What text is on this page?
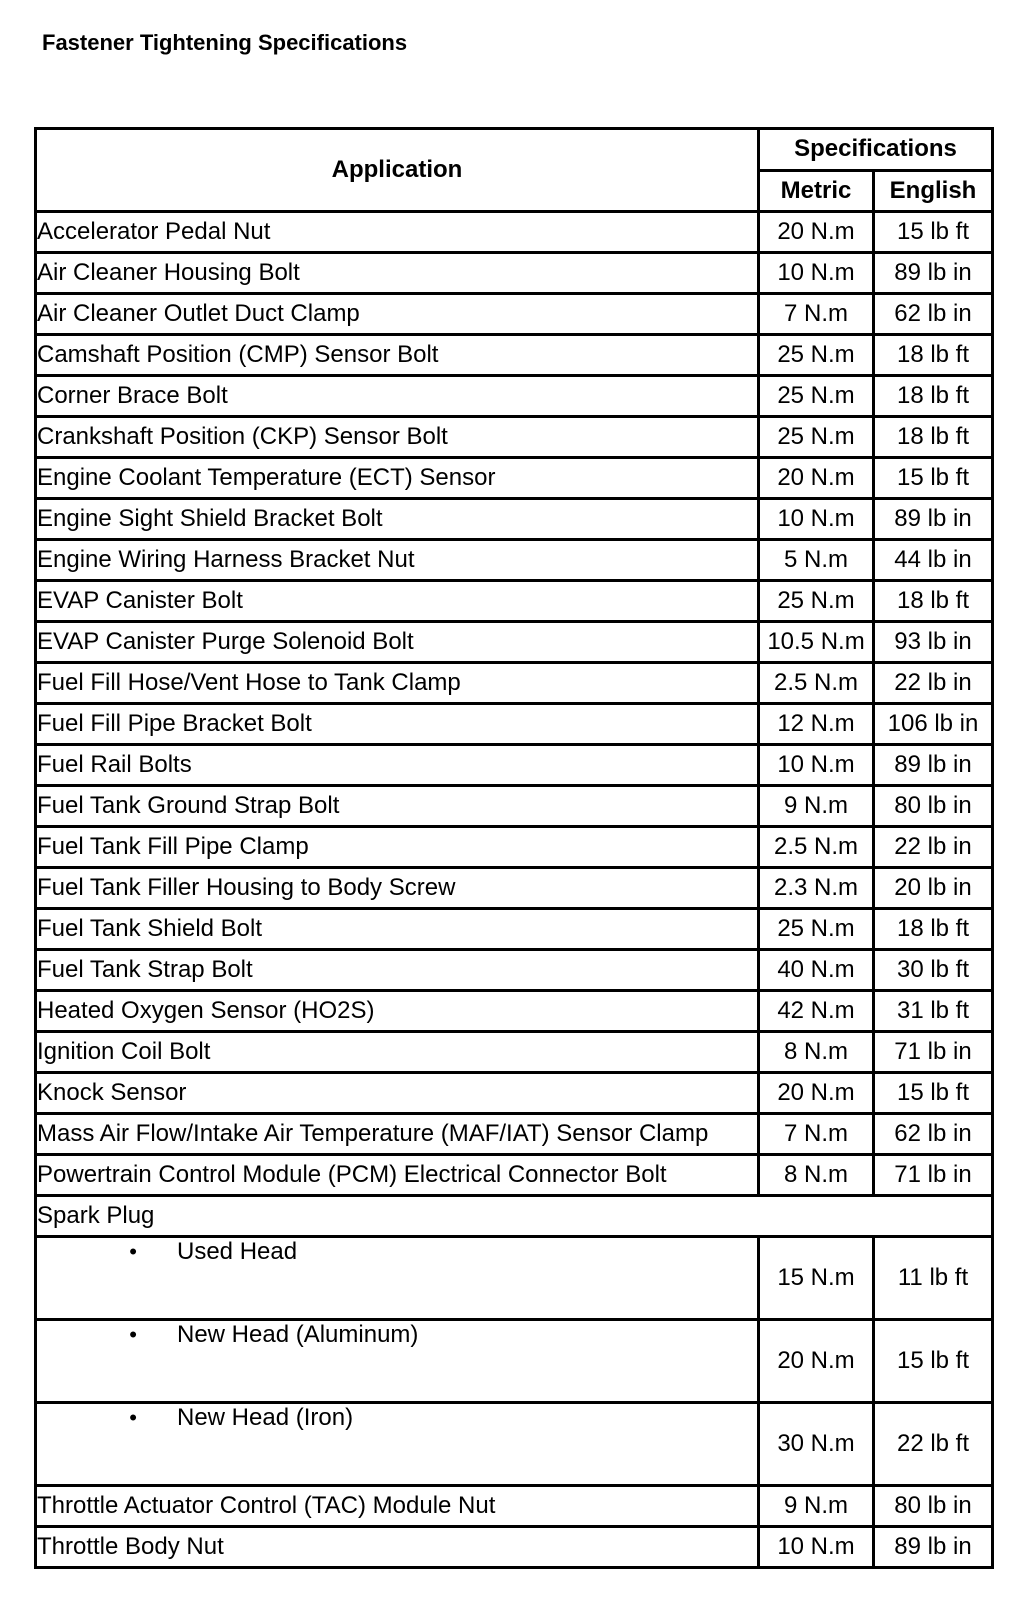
Fastener Tightening Specifications
Application	Specifications	
	Metric	English
Accelerator Pedal Nut	20 N.m	15 lb ft
Air Cleaner Housing Bolt	10 N.m	89 lb in
Air Cleaner Outlet Duct Clamp	7 N.m	62 lb in
Camshaft Position (CMP) Sensor Bolt	25 N.m	18 lb ft
Corner Brace Bolt	25 N.m	18 lb ft
Crankshaft Position (CKP) Sensor Bolt	25 N.m	18 lb ft
Engine Coolant Temperature (ECT) Sensor	20 N.m	15 lb ft
Engine Sight Shield Bracket Bolt	10 N.m	89 lb in
Engine Wiring Harness Bracket Nut	5 N.m	44 lb in
EVAP Canister Bolt	25 N.m	18 lb ft
EVAP Canister Purge Solenoid Bolt	10.5 N.m	93 lb in
Fuel Fill Hose/Vent Hose to Tank Clamp	2.5 N.m	22 lb in
Fuel Fill Pipe Bracket Bolt	12 N.m	106 lb in
Fuel Rail Bolts	10 N.m	89 lb in
Fuel Tank Ground Strap Bolt	9 N.m	80 lb in
Fuel Tank Fill Pipe Clamp	2.5 N.m	22 lb in
Fuel Tank Filler Housing to Body Screw	2.3 N.m	20 lb in
Fuel Tank Shield Bolt	25 N.m	18 lb ft
Fuel Tank Strap Bolt	40 N.m	30 lb ft
Heated Oxygen Sensor (HO2S)	42 N.m	31 lb ft
Ignition Coil Bolt	8 N.m	71 lb in
Knock Sensor	20 N.m	15 lb ft
Mass Air Flow/Intake Air Temperature (MAF/IAT) Sensor Clamp	7 N.m	62 lb in
Powertrain Control Module (PCM) Electrical Connector Bolt	8 N.m	71 lb in
Spark Plug		
• Used Head	15 N.m	11 lb ft
• New Head (Aluminum)	20 N.m	15 lb ft
• New Head (Iron)	30 N.m	22 lb ft
Throttle Actuator Control (TAC) Module Nut	9 N.m	80 lb in
Throttle Body Nut	10 N.m	89 lb in
